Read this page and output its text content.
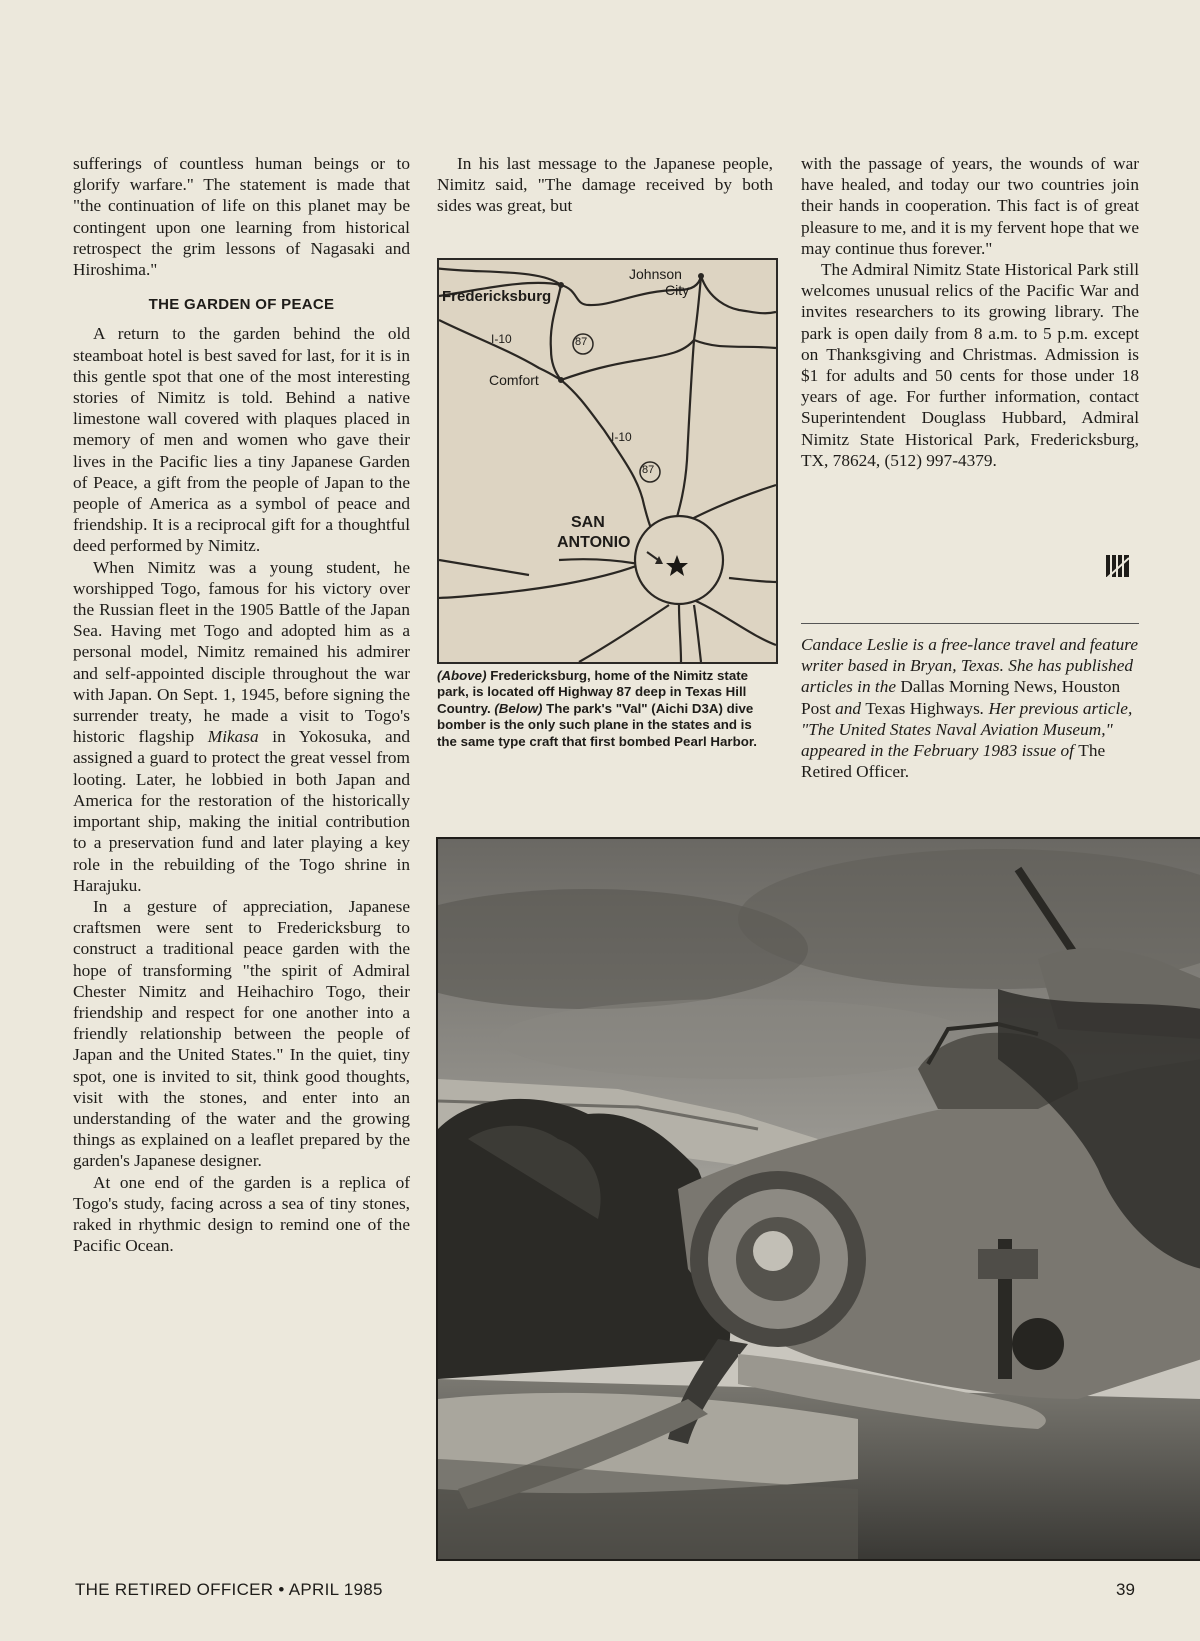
sufferings of countless human beings or to glorify warfare." The statement is made that "the continuation of life on this planet may be contingent upon one learning from historical retrospect the grim lessons of Nagasaki and Hiroshima."

THE GARDEN OF PEACE

A return to the garden behind the old steamboat hotel is best saved for last, for it is in this gentle spot that one of the most interesting stories of Nimitz is told. Behind a native limestone wall covered with plaques placed in memory of men and women who gave their lives in the Pacific lies a tiny Japanese Garden of Peace, a gift from the people of Japan to the people of America as a symbol of peace and friendship. It is a reciprocal gift for a thoughtful deed performed by Nimitz.

When Nimitz was a young student, he worshipped Togo, famous for his victory over the Russian fleet in the 1905 Battle of the Japan Sea. Having met Togo and adopted him as a personal model, Nimitz remained his admirer and self-appointed disciple throughout the war with Japan. On Sept. 1, 1945, before signing the surrender treaty, he made a visit to Togo's historic flagship Mikasa in Yokosuka, and assigned a guard to protect the great vessel from looting. Later, he lobbied in both Japan and America for the restoration of the historically important ship, making the initial contribution to a preservation fund and later playing a key role in the rebuilding of the Togo shrine in Harajuku.

In a gesture of appreciation, Japanese craftsmen were sent to Fredericksburg to construct a traditional peace garden with the hope of transforming "the spirit of Admiral Chester Nimitz and Heihachiro Togo, their friendship and respect for one another into a friendly relationship between the people of Japan and the United States." In the quiet, tiny spot, one is invited to sit, think good thoughts, visit with the stones, and enter into an understanding of the water and the growing things as explained on a leaflet prepared by the garden's Japanese designer.

At one end of the garden is a replica of Togo's study, facing across a sea of tiny stones, raked in rhythmic design to remind one of the Pacific Ocean.

In his last message to the Japanese people, Nimitz said, "The damage received by both sides was great, but

Fredericksburg
Johnson
City
I-10	87
Comfort
I-10
87
SAN
ANTONIO
(Above) Fredericksburg, home of the Nimitz state park, is located off Highway 87 deep in Texas Hill Country. (Below) The park's "Val" (Aichi D3A) dive bomber is the only such plane in the states and is the same type craft that first bombed Pearl Harbor.

with the passage of years, the wounds of war have healed, and today our two countries join their hands in cooperation. This fact is of great pleasure to me, and it is my fervent hope that we may continue thus forever."

The Admiral Nimitz State Historical Park still welcomes unusual relics of the Pacific War and invites researchers to its growing library. The park is open daily from 8 a.m. to 5 p.m. except on Thanksgiving and Christmas. Admission is $1 for adults and 50 cents for those under 18 years of age. For further information, contact Superintendent Douglass Hubbard, Admiral Nimitz State Historical Park, Fredericksburg, TX, 78624, (512) 997-4379.

Candace Leslie is a free-lance travel and feature writer based in Bryan, Texas. She has published articles in the Dallas Morning News, Houston Post and Texas Highways. Her previous article, "The United States Naval Aviation Museum," appeared in the February 1983 issue of The Retired Officer.
THE RETIRED OFFICER • APRIL 1985	39
